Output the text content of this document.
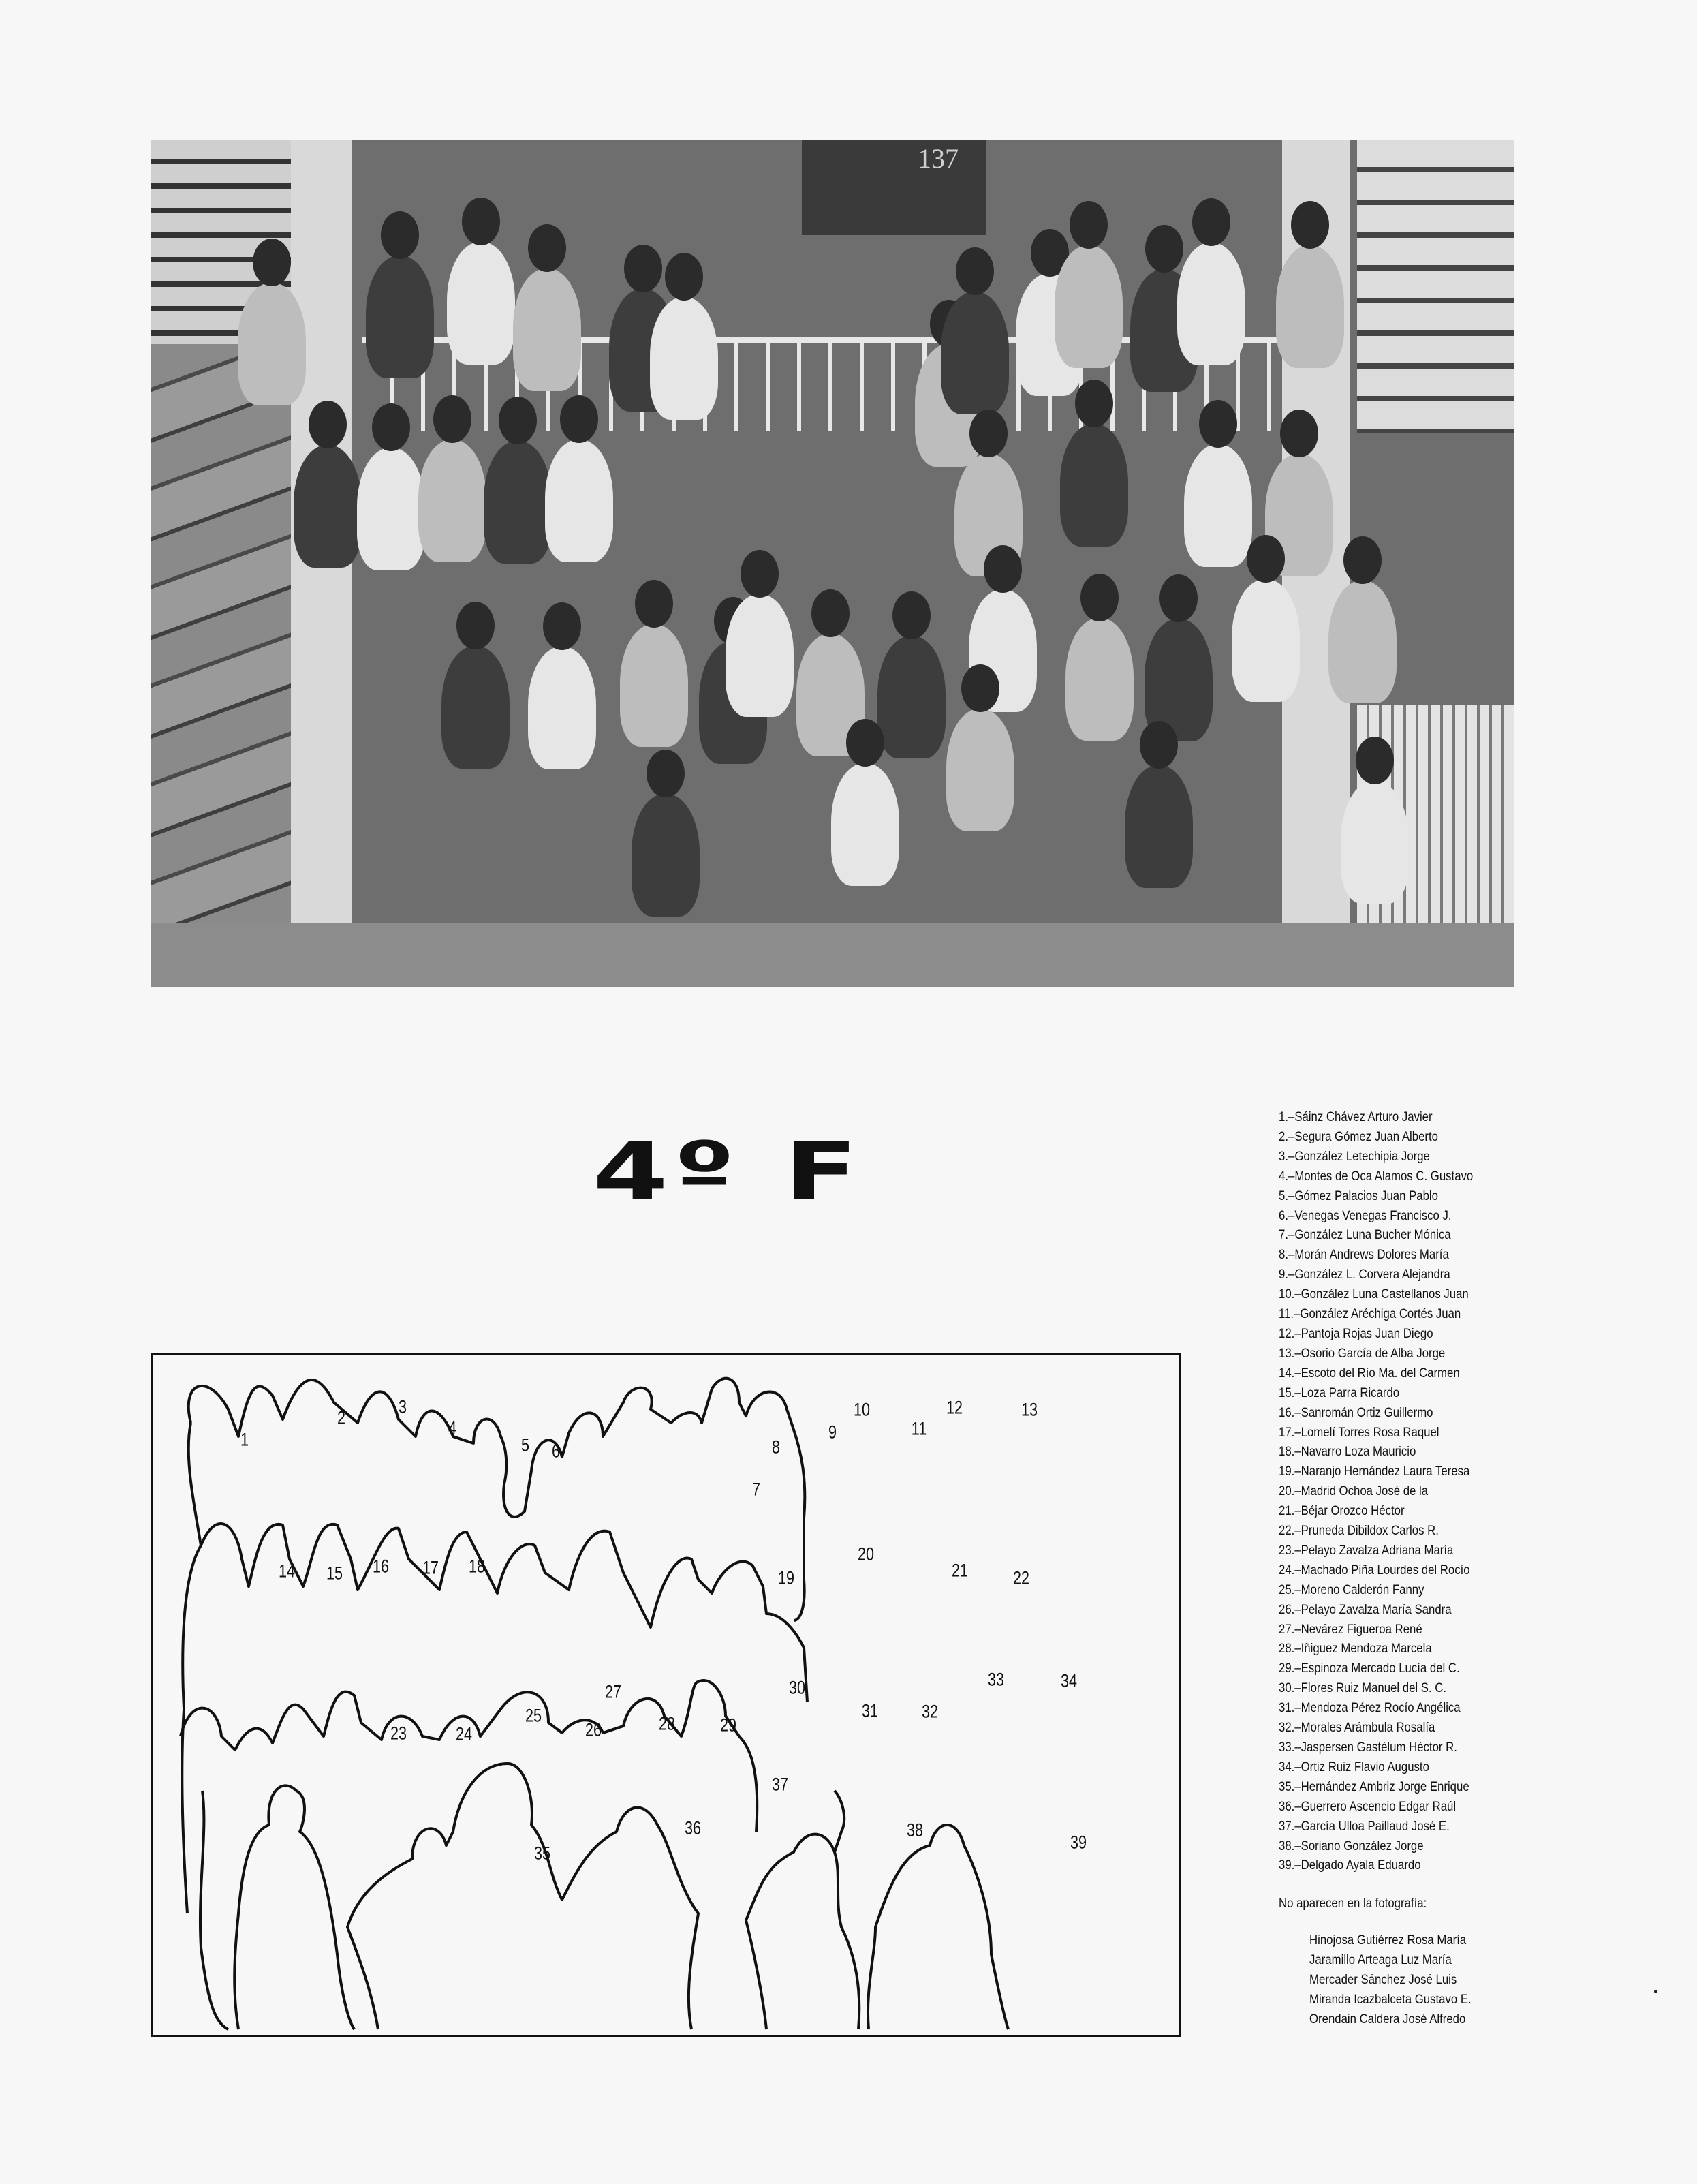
137
4º F
1.–Sáinz Chávez Arturo Javier
2.–Segura Gómez Juan Alberto
3.–González Letechipia Jorge
4.–Montes de Oca Alamos C. Gustavo
5.–Gómez Palacios Juan Pablo
6.–Venegas Venegas Francisco J.
7.–González Luna Bucher Mónica
8.–Morán Andrews Dolores María
9.–González L. Corvera Alejandra
10.–González Luna Castellanos Juan
11.–González Aréchiga Cortés Juan
12.–Pantoja Rojas Juan Diego
13.–Osorio García de Alba Jorge
14.–Escoto del Río Ma. del Carmen
15.–Loza Parra Ricardo
16.–Sanromán Ortiz Guillermo
17.–Lomelí Torres Rosa Raquel
18.–Navarro Loza Mauricio
19.–Naranjo Hernández Laura Teresa
20.–Madrid Ochoa José de la
21.–Béjar Orozco Héctor
22.–Pruneda Dibildox Carlos R.
23.–Pelayo Zavalza Adriana María
24.–Machado Piña Lourdes del Rocío
25.–Moreno Calderón Fanny
26.–Pelayo Zavalza María Sandra
27.–Nevárez Figueroa René
28.–Iñiguez Mendoza Marcela
29.–Espinoza Mercado Lucía del C.
30.–Flores Ruiz Manuel del S. C.
31.–Mendoza Pérez Rocío Angélica
32.–Morales Arámbula Rosalía
33.–Jaspersen Gastélum Héctor R.
34.–Ortiz Ruiz Flavio Augusto
35.–Hernández Ambriz Jorge Enrique
36.–Guerrero Ascencio Edgar Raúl
37.–García Ulloa Paillaud José E.
38.–Soriano González Jorge
39.–Delgado Ayala Eduardo
No aparecen en la fotografía:
Hinojosa Gutiérrez Rosa María
Jaramillo Arteaga Luz María
Mercader Sánchez José Luis
Miranda Icazbalceta Gustavo E.
Orendain Caldera José Alfredo
1
2
3
4
5 6
7
8
9
10
11
12	13
14 15 16 17 18
19
20
21 22
23	24
25
26
27
28 29
30
31 32
33	34
35
36
37
38
39
